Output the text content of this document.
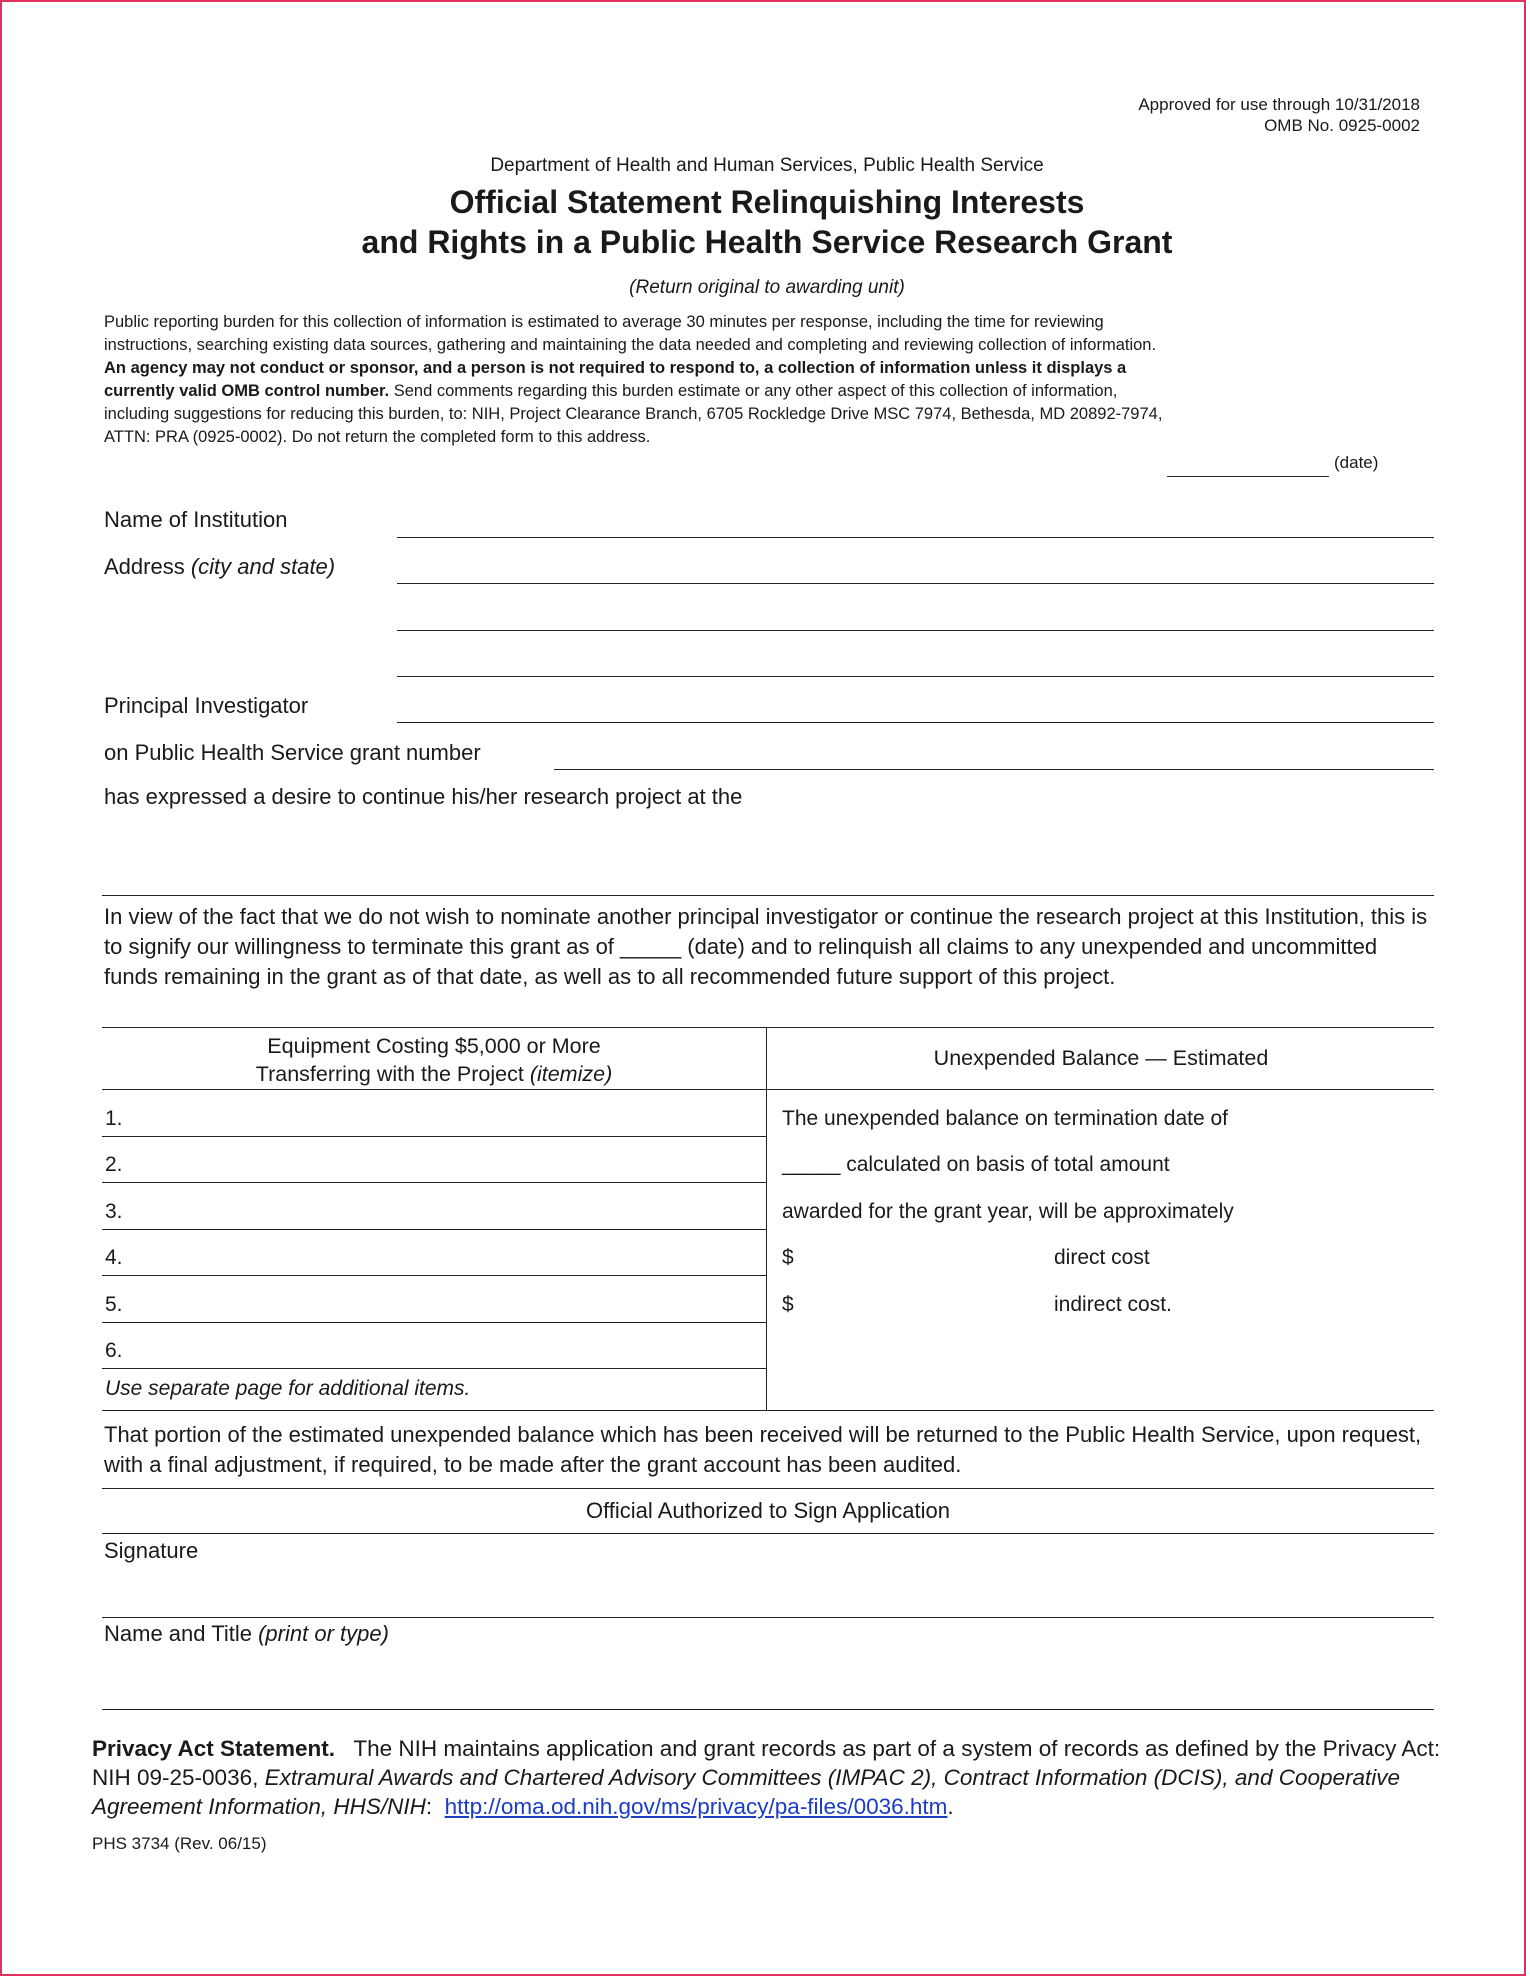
Approved for use through 10/31/2018
OMB No. 0925-0002
Department of Health and Human Services, Public Health Service
Official Statement Relinquishing Interests
and Rights in a Public Health Service Research Grant
(Return original to awarding unit)
Public reporting burden for this collection of information is estimated to average 30 minutes per response, including the time for reviewing instructions, searching existing data sources, gathering and maintaining the data needed and completing and reviewing collection of information. An agency may not conduct or sponsor, and a person is not required to respond to, a collection of information unless it displays a currently valid OMB control number. Send comments regarding this burden estimate or any other aspect of this collection of information, including suggestions for reducing this burden, to: NIH, Project Clearance Branch, 6705 Rockledge Drive MSC 7974, Bethesda, MD 20892-7974, ATTN: PRA (0925-0002). Do not return the completed form to this address.
(date)
Name of Institution
Address (city and state)
Principal Investigator
on Public Health Service grant number
has expressed a desire to continue his/her research project at the
In view of the fact that we do not wish to nominate another principal investigator or continue the research project at this Institution, this is to signify our willingness to terminate this grant as of _____ (date) and to relinquish all claims to any unexpended and uncommitted funds remaining in the grant as of that date, as well as to all recommended future support of this project.
Equipment Costing $5,000 or More
Transferring with the Project (itemize)
Unexpended Balance — Estimated
1.
2.
3.
4.
5.
6.
Use separate page for additional items.
The unexpended balance on termination date of
_____ calculated on basis of total amount
awarded for the grant year, will be approximately
$	direct cost
$	indirect cost.
That portion of the estimated unexpended balance which has been received will be returned to the Public Health Service, upon request, with a final adjustment, if required, to be made after the grant account has been audited.
Official Authorized to Sign Application
Signature
Name and Title (print or type)
Privacy Act Statement.   The NIH maintains application and grant records as part of a system of records as defined by the Privacy Act:  NIH 09-25-0036, Extramural Awards and Chartered Advisory Committees (IMPAC 2), Contract Information (DCIS), and Cooperative Agreement Information, HHS/NIH:  http://oma.od.nih.gov/ms/privacy/pa-files/0036.htm.
PHS 3734 (Rev. 06/15)
